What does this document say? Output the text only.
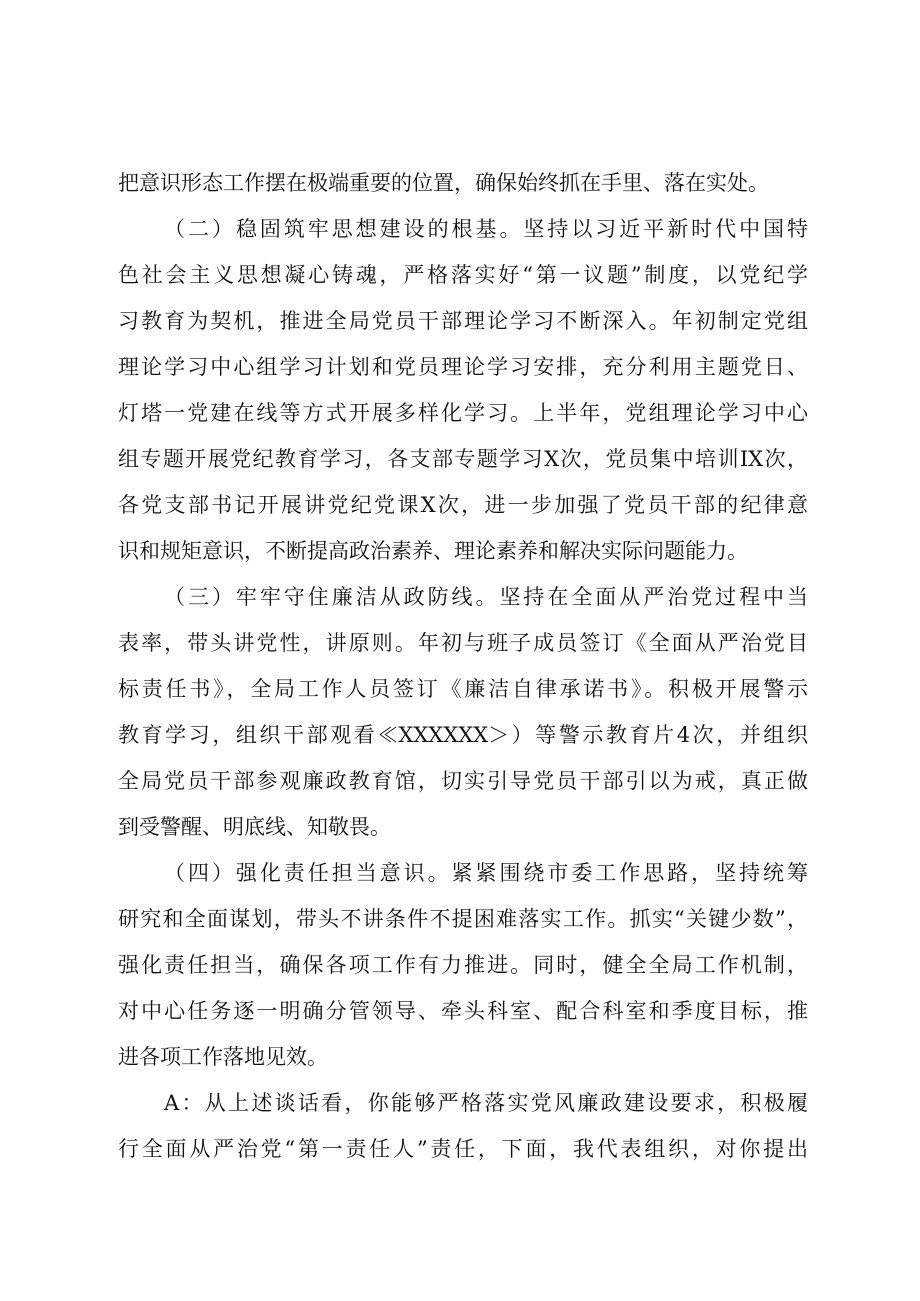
把意识形态工作摆在极端重要的位置，确保始终抓在手里、落在实处。
（二）稳固筑牢思想建设的根基。坚持以习近平新时代中国特
色社会主义思想凝心铸魂，严格落实好“第一议题”制度，以党纪学
习教育为契机，推进全局党员干部理论学习不断深入。年初制定党组
理论学习中心组学习计划和党员理论学习安排，充分利用主题党日、
灯塔一党建在线等方式开展多样化学习。上半年，党组理论学习中心
组专题开展党纪教育学习，各支部专题学习X次，党员集中培训IX次，
各党支部书记开展讲党纪党课X次，进一步加强了党员干部的纪律意
识和规矩意识，不断提高政治素养、理论素养和解决实际问题能力。
（三）牢牢守住廉洁从政防线。坚持在全面从严治党过程中当
表率，带头讲党性，讲原则。年初与班子成员签订《全面从严治党目
标责任书》，全局工作人员签订《廉洁自律承诺书》。积极开展警示
教育学习，组织干部观看≪XXXXXX＞）等警示教育片4次，并组织
全局党员干部参观廉政教育馆，切实引导党员干部引以为戒，真正做
到受警醒、明底线、知敬畏。
（四）强化责任担当意识。紧紧围绕市委工作思路，坚持统筹
研究和全面谋划，带头不讲条件不提困难落实工作。抓实“关键少数”，
强化责任担当，确保各项工作有力推进。同时，健全全局工作机制，
对中心任务逐一明确分管领导、牵头科室、配合科室和季度目标，推
进各项工作落地见效。
A：从上述谈话看，你能够严格落实党风廉政建设要求，积极履
行全面从严治党“第一责任人”责任，下面，我代表组织，对你提出
